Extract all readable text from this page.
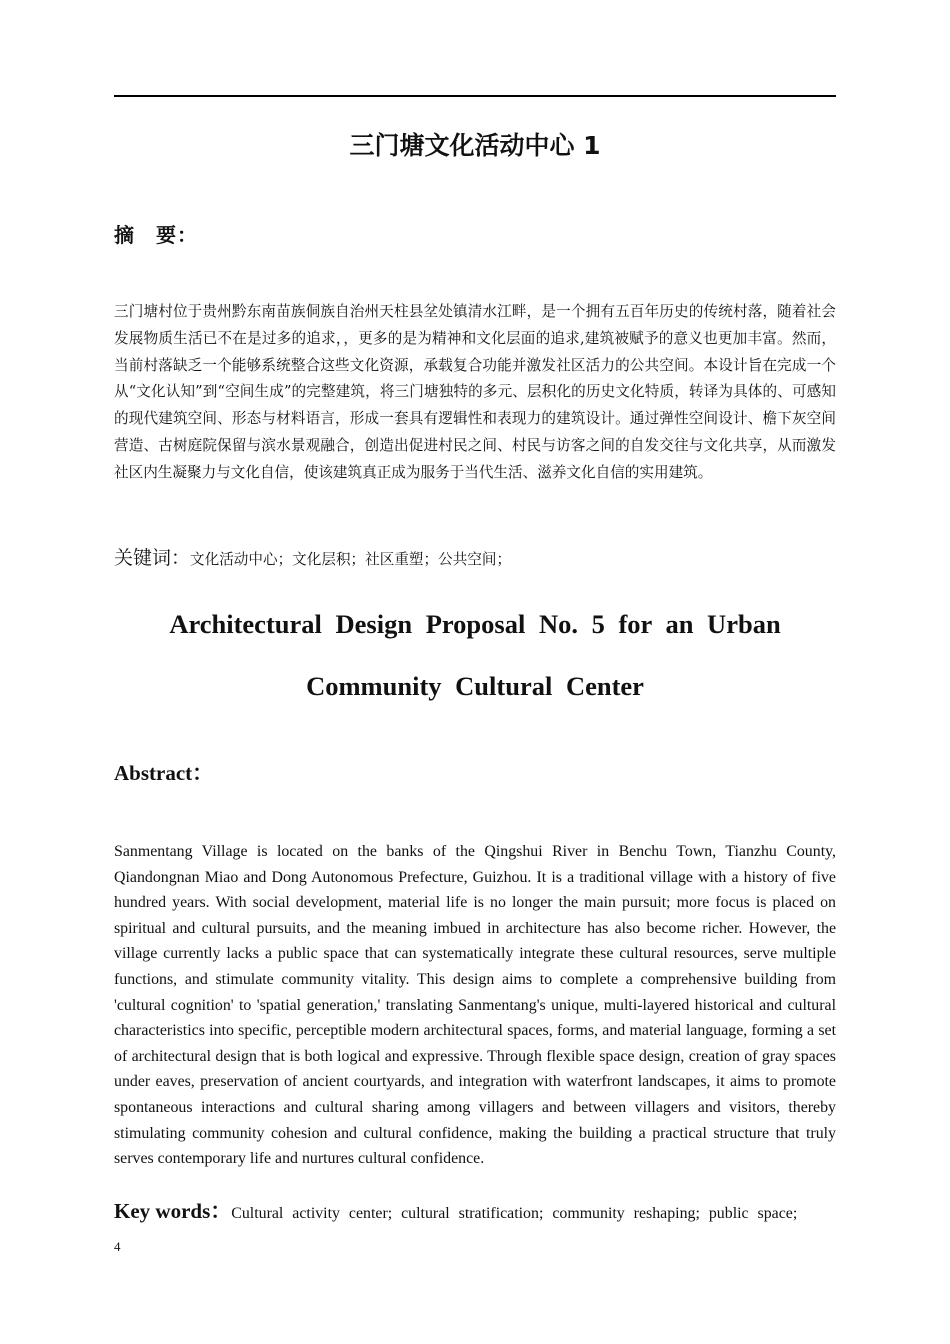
三门塘文化活动中心 1

摘　要：

三门塘村位于贵州黔东南苗族侗族自治州天柱县坌处镇清水江畔，是一个拥有五百年历史的传统村落，随着社会发展物质生活已不在是过多的追求，，更多的是为精神和文化层面的追求,建筑被赋予的意义也更加丰富。然而，当前村落缺乏一个能够系统整合这些文化资源，承载复合功能并激发社区活力的公共空间。本设计旨在完成一个从“文化认知”到“空间生成”的完整建筑，将三门塘独特的多元、层积化的历史文化特质，转译为具体的、可感知的现代建筑空间、形态与材料语言，形成一套具有逻辑性和表现力的建筑设计。通过弹性空间设计、檐下灰空间营造、古树庭院保留与滨水景观融合，创造出促进村民之间、村民与访客之间的自发交往与文化共享，从而激发社区内生凝聚力与文化自信，使该建筑真正成为服务于当代生活、滋养文化自信的实用建筑。

关键词：文化活动中心；文化层积；社区重塑；公共空间；

Architectural Design Proposal No. 5 for an Urban Community Cultural Center

Abstract：

Sanmentang Village is located on the banks of the Qingshui River in Benchu Town, Tianzhu County, Qiandongnan Miao and Dong Autonomous Prefecture, Guizhou. It is a traditional village with a history of five hundred years. With social development, material life is no longer the main pursuit; more focus is placed on spiritual and cultural pursuits, and the meaning imbued in architecture has also become richer. However, the village currently lacks a public space that can systematically integrate these cultural resources, serve multiple functions, and stimulate community vitality. This design aims to complete a comprehensive building from 'cultural cognition' to 'spatial generation,' translating Sanmentang's unique, multi-layered historical and cultural characteristics into specific, perceptible modern architectural spaces, forms, and material language, forming a set of architectural design that is both logical and expressive. Through flexible space design, creation of gray spaces under eaves, preservation of ancient courtyards, and integration with waterfront landscapes, it aims to promote spontaneous interactions and cultural sharing among villagers and between villagers and visitors, thereby stimulating community cohesion and cultural confidence, making the building a practical structure that truly serves contemporary life and nurtures cultural confidence.

Key words：Cultural activity center; cultural stratification; community reshaping; public space;

4
